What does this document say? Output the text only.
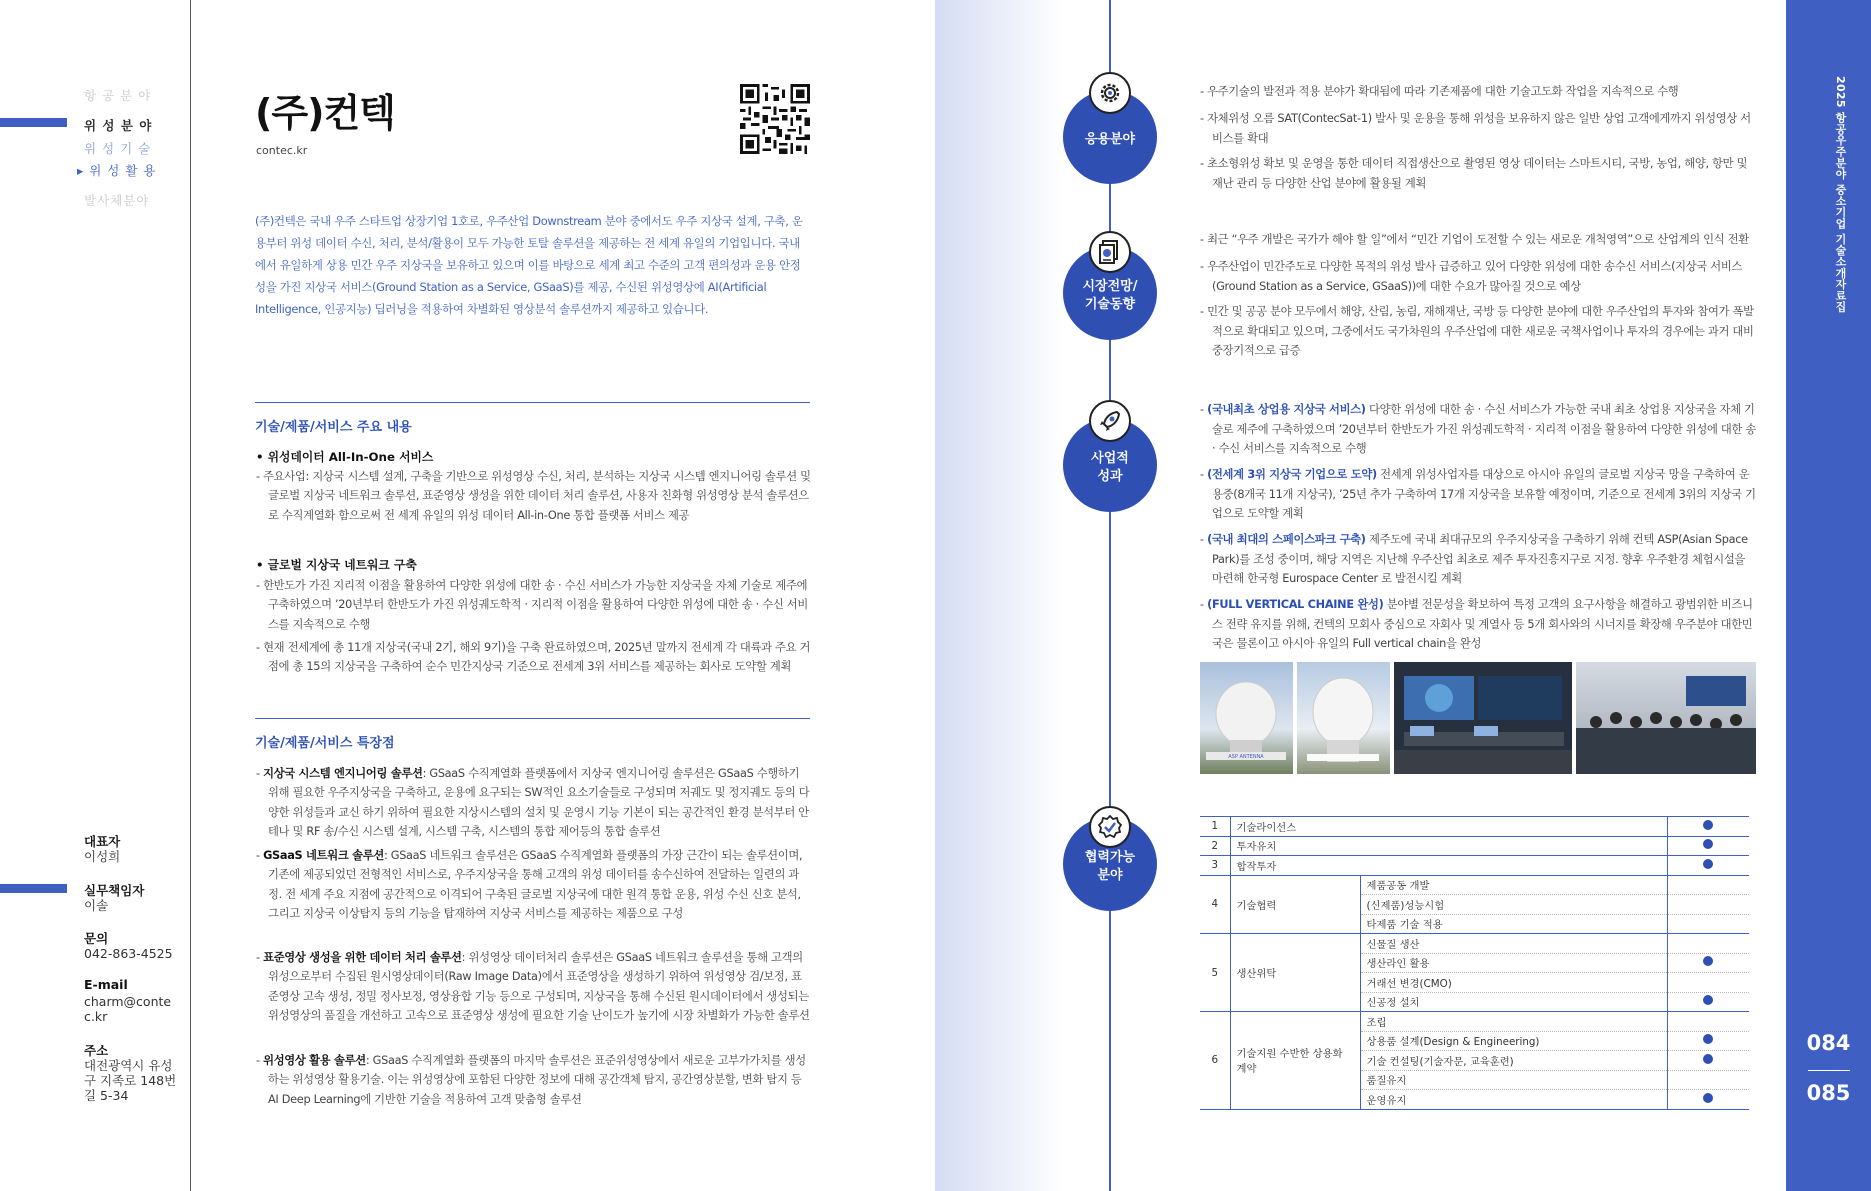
항 공 분 야
위 성 분 야
위 성 기 술
▸ 위 성 활 용
발사체분야
대표자
이성희
실무책임자
이솔
문의
042-863-4525
E-mail
charm@contec.kr
주소
대전광역시 유성구 지족로 148번길 5-34
(주)컨텍
contec.kr
(주)컨텍은 국내 우주 스타트업 상장기업 1호로, 우주산업 Downstream 분야 중에서도 우주 지상국 설계, 구축, 운용부터 위성 데이터 수신, 처리, 분석/활용이 모두 가능한 토탈 솔루션을 제공하는 전 세계 유일의 기업입니다. 국내에서 유일하게 상용 민간 우주 지상국을 보유하고 있으며 이를 바탕으로 세계 최고 수준의 고객 편의성과 운용 안정성을 가진 지상국 서비스(Ground Station as a Service, GSaaS)를 제공, 수신된 위성영상에 AI(Artificial Intelligence, 인공지능) 딥러닝을 적용하여 차별화된 영상분석 솔루션까지 제공하고 있습니다.
기술/제품/서비스 주요 내용
• 위성데이터 All-In-One 서비스
- 주요사업: 지상국 시스템 설계, 구축을 기반으로 위성영상 수신, 처리, 분석하는 지상국 시스템 엔지니어링 솔루션 및 글로벌 지상국 네트워크 솔루션, 표준영상 생성을 위한 데이터 처리 솔루션, 사용자 친화형 위성영상 분석 솔루션으로 수직계열화 함으로써 전 세계 유일의 위성 데이터 All-in-One 통합 플랫폼 서비스 제공
• 글로벌 지상국 네트워크 구축
- 한반도가 가진 지리적 이점을 활용하여 다양한 위성에 대한 송 · 수신 서비스가 가능한 지상국을 자체 기술로 제주에 구축하였으며 ’20년부터 한반도가 가진 위성궤도학적 · 지리적 이점을 활용하여 다양한 위성에 대한 송 · 수신 서비스를 지속적으로 수행
- 현재 전세계에 총 11개 지상국(국내 2기, 해외 9기)을 구축 완료하였으며, 2025년 말까지 전세계 각 대륙과 주요 거점에 총 15의 지상국을 구축하여 순수 민간지상국 기준으로 전세계 3위 서비스를 제공하는 회사로 도약할 계획
기술/제품/서비스 특장점
- 지상국 시스템 엔지니어링 솔루션: GSaaS 수직계열화 플랫폼에서 지상국 엔지니어링 솔루션은 GSaaS 수행하기 위해 필요한 우주지상국을 구축하고, 운용에 요구되는 SW적인 요소기술들로 구성되며 저궤도 및 정지궤도 등의 다양한 위성들과 교신 하기 위하여 필요한 지상시스템의 설치 및 운영시 기능 기본이 되는 공간적인 환경 분석부터 안테나 및 RF 송/수신 시스템 설계, 시스템 구축, 시스템의 통합 제어등의 통합 솔루션
- GSaaS 네트워크 솔루션: GSaaS 네트워크 솔루션은 GSaaS 수직계열화 플랫폼의 가장 근간이 되는 솔루션이며, 기존에 제공되었던 전형적인 서비스로, 우주지상국을 통해 고객의 위성 데이터를 송수신하여 전달하는 일련의 과정. 전 세계 주요 지점에 공간적으로 이격되어 구축된 글로벌 지상국에 대한 원격 통합 운용, 위성 수신 신호 분석, 그리고 지상국 이상탐지 등의 기능을 탑재하여 지상국 서비스를 제공하는 제품으로 구성
- 표준영상 생성을 위한 데이터 처리 솔루션: 위성영상 데이터처리 솔루션은 GSaaS 네트워크 솔루션을 통해 고객의 위성으로부터 수집된 원시영상데이터(Raw Image Data)에서 표준영상을 생성하기 위하여 위성영상 검/보정, 표준영상 고속 생성, 정밀 정사보정, 영상융합 기능 등으로 구성되며, 지상국을 통해 수신된 원시데이터에서 생성되는 위성영상의 품질을 개선하고 고속으로 표준영상 생성에 필요한 기술 난이도가 높기에 시장 차별화가 가능한 솔루션
- 위성영상 활용 솔루션: GSaaS 수직계열화 플랫폼의 마지막 솔루션은 표준위성영상에서 새로운 고부가가치를 생성하는 위성영상 활용기술. 이는 위성영상에 포함된 다양한 정보에 대해 공간객체 탐지, 공간영상분할, 변화 탐지 등 AI Deep Learning에 기반한 기술을 적용하여 고객 맞춤형 솔루션
응용분야
- 우주기술의 발전과 적용 분야가 확대됨에 따라 기존제품에 대한 기술고도화 작업을 지속적으로 수행
- 자체위성 오름 SAT(ContecSat-1) 발사 및 운용을 통해 위성을 보유하지 않은 일반 상업 고객에게까지 위성영상 서비스를 확대
- 초소형위성 확보 및 운영을 통한 데이터 직접생산으로 촬영된 영상 데이터는 스마트시티, 국방, 농업, 해양, 항만 및 재난 관리 등 다양한 산업 분야에 활용될 계획
시장전망/
기술동향
- 최근 “우주 개발은 국가가 해야 할 일”에서 “민간 기업이 도전할 수 있는 새로운 개척영역”으로 산업계의 인식 전환
- 우주산업이 민간주도로 다양한 목적의 위성 발사 급증하고 있어 다양한 위성에 대한 송수신 서비스(지상국 서비스(Ground Station as a Service, GSaaS))에 대한 수요가 많아질 것으로 예상
- 민간 및 공공 분야 모두에서 해양, 산림, 농림, 재해재난, 국방 등 다양한 분야에 대한 우주산업의 투자와 참여가 폭발적으로 확대되고 있으며, 그중에서도 국가차원의 우주산업에 대한 새로운 국책사업이나 투자의 경우에는 과거 대비 중장기적으로 급증
사업적
성과
- (국내최초 상업용 지상국 서비스) 다양한 위성에 대한 송 · 수신 서비스가 가능한 국내 최초 상업용 지상국을 자체 기술로 제주에 구축하였으며 ’20년부터 한반도가 가진 위성궤도학적 · 지리적 이점을 활용하여 다양한 위성에 대한 송 · 수신 서비스를 지속적으로 수행
- (전세계 3위 지상국 기업으로 도약) 전세계 위성사업자를 대상으로 아시아 유일의 글로벌 지상국 망을 구축하여 운용중(8개국 11개 지상국), ’25년 추가 구축하여 17개 지상국을 보유할 예정이며, 기준으로 전세계 3위의 지상국 기업으로 도약할 계획
- (국내 최대의 스페이스파크 구축) 제주도에 국내 최대규모의 우주지상국을 구축하기 위해 컨텍 ASP(Asian Space Park)를 조성 중이며, 해당 지역은 지난해 우주산업 최초로 제주 투자진흥지구로 지정. 향후 우주환경 체험시설을 마련해 한국형 Eurospace Center 로 발전시킬 계획
- (FULL VERTICAL CHAINE 완성) 분야별 전문성을 확보하여 특정 고객의 요구사항을 해결하고 광범위한 비즈니스 전략 유지를 위해, 컨텍의 모회사 중심으로 자회사 및 계열사 등 5개 회사와의 시너지를 확장해 우주분야 대한민국은 물론이고 아시아 유일의 Full vertical chain을 완성
ASP ANTENNA
협력가능
분야
1	기술라이선스		
2	투자유치		
3	합작투자		
4	기술협력	제품공동 개발	
		(신제품)성능시험	
		타제품 기술 적용	
5	생산위탁	신물질 생산	
		생산라인 활용	
		거래선 변경(CMO)	
		신공정 설치	
6	기술지원 수반한 상용화 계약	조립	
		상용품 설계(Design & Engineering)	
		기술 컨설팅(기술자문, 교육훈련)	
		품질유지	
		운영유지	
2025 항공우주분야 중소기업 기술소개자료집
084
085
